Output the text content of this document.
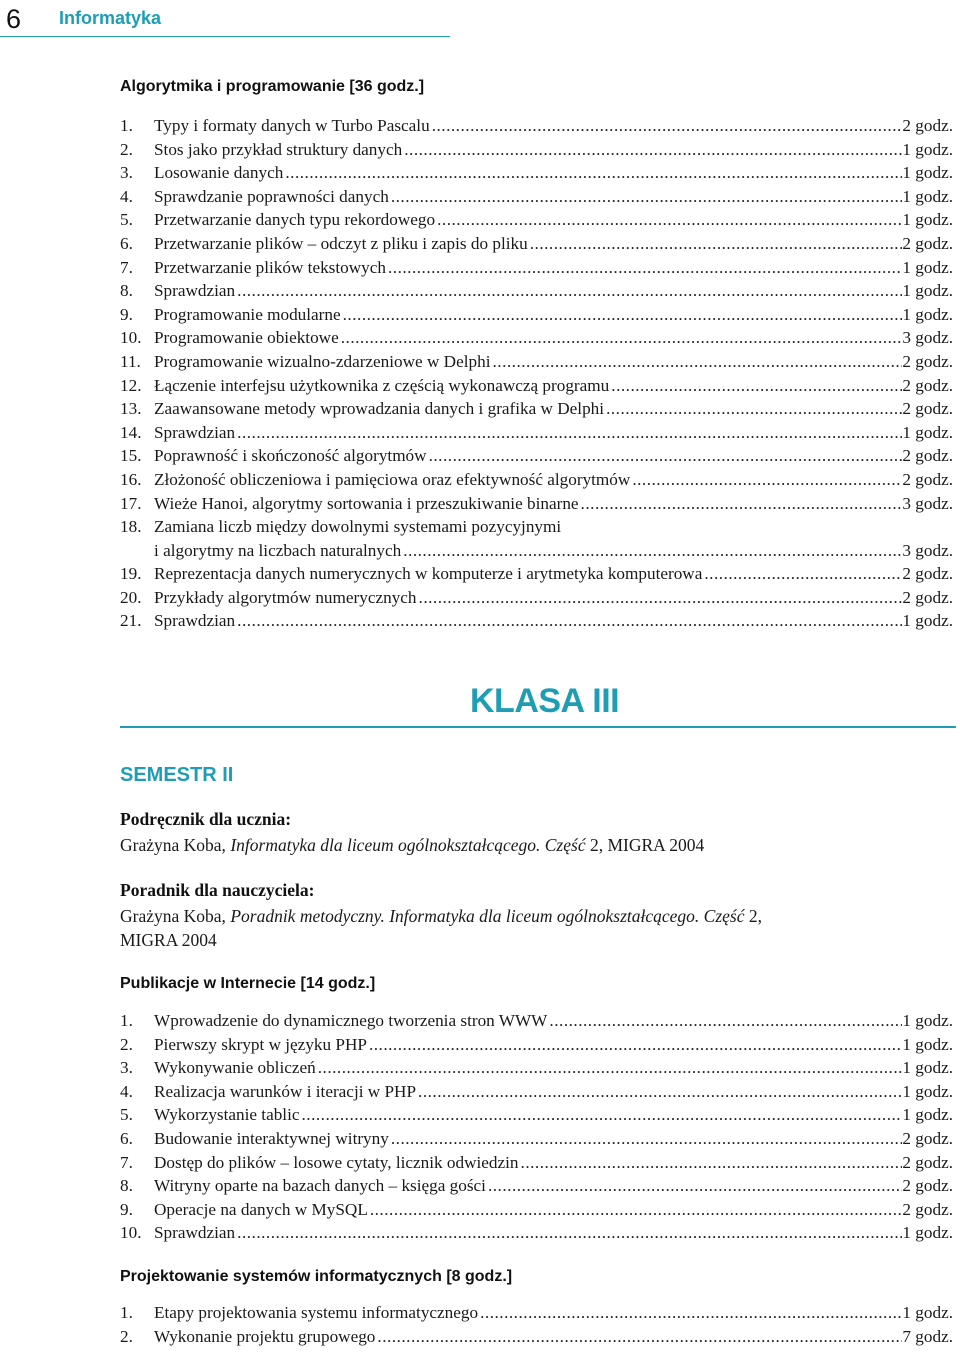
6 Informatyka
Algorytmika i programowanie [36 godz.]
1.	Typy i formaty danych w Turbo Pascalu .....	2 godz.
2.	Stos jako przykład struktury danych .....	1 godz.
3.	Losowanie danych .....	1 godz.
4.	Sprawdzanie poprawności danych .....	1 godz.
5.	Przetwarzanie danych typu rekordowego .....	1 godz.
6.	Przetwarzanie plików – odczyt z pliku i zapis do pliku .....	2 godz.
7.	Przetwarzanie plików tekstowych .....	1 godz.
8.	Sprawdzian .....	1 godz.
9.	Programowanie modularne .....	1 godz.
10. Programowanie obiektowe .....	3 godz.
11. Programowanie wizualno-zdarzeniowe w Delphi .....	2 godz.
12. Łączenie interfejsu użytkownika z częścią wykonawczą programu .....	2 godz.
13. Zaawansowane metody wprowadzania danych i grafika w Delphi .....	2 godz.
14. Sprawdzian .....	1 godz.
15. Poprawność i skończoność algorytmów .....	2 godz.
16. Złożoność obliczeniowa i pamięciowa oraz efektywność algorytmów .....	2 godz.
17. Wieże Hanoi, algorytmy sortowania i przeszukiwanie binarne .....	3 godz.
18. Zamiana liczb między dowolnymi systemami pozycyjnymi
i algorytmy na liczbach naturalnych .....	3 godz.
19. Reprezentacja danych numerycznych w komputerze i arytmetyka komputerowa .....	2 godz.
20. Przykłady algorytmów numerycznych .....	2 godz.
21. Sprawdzian .....	1 godz.
KLASA III
SEMESTR II

Podręcznik dla ucznia:

Grażyna Koba, Informatyka dla liceum ogólnokształcącego. Część 2, MIGRA 2004

Poradnik dla nauczyciela:

Grażyna Koba, Poradnik metodyczny. Informatyka dla liceum ogólnokształcącego. Część 2,
MIGRA 2004

Publikacje w Internecie [14 godz.]
1.	Wprowadzenie do dynamicznego tworzenia stron WWW .....	1 godz.
2.	Pierwszy skrypt w języku PHP .....	1 godz.
3.	Wykonywanie obliczeń .....	1 godz.
4.	Realizacja warunków i iteracji w PHP .....	1 godz.
5.	Wykorzystanie tablic .....	1 godz.
6.	Budowanie interaktywnej witryny .....	2 godz.
7.	Dostęp do plików – losowe cytaty, licznik odwiedzin .....	2 godz.
8.	Witryny oparte na bazach danych – księga gości .....	2 godz.
9.	Operacje na danych w MySQL .....	2 godz.
10. Sprawdzian .....	1 godz.
Projektowanie systemów informatycznych [8 godz.]
1.	Etapy projektowania systemu informatycznego .....	1 godz.
2.	Wykonanie projektu grupowego .....	7 godz.
